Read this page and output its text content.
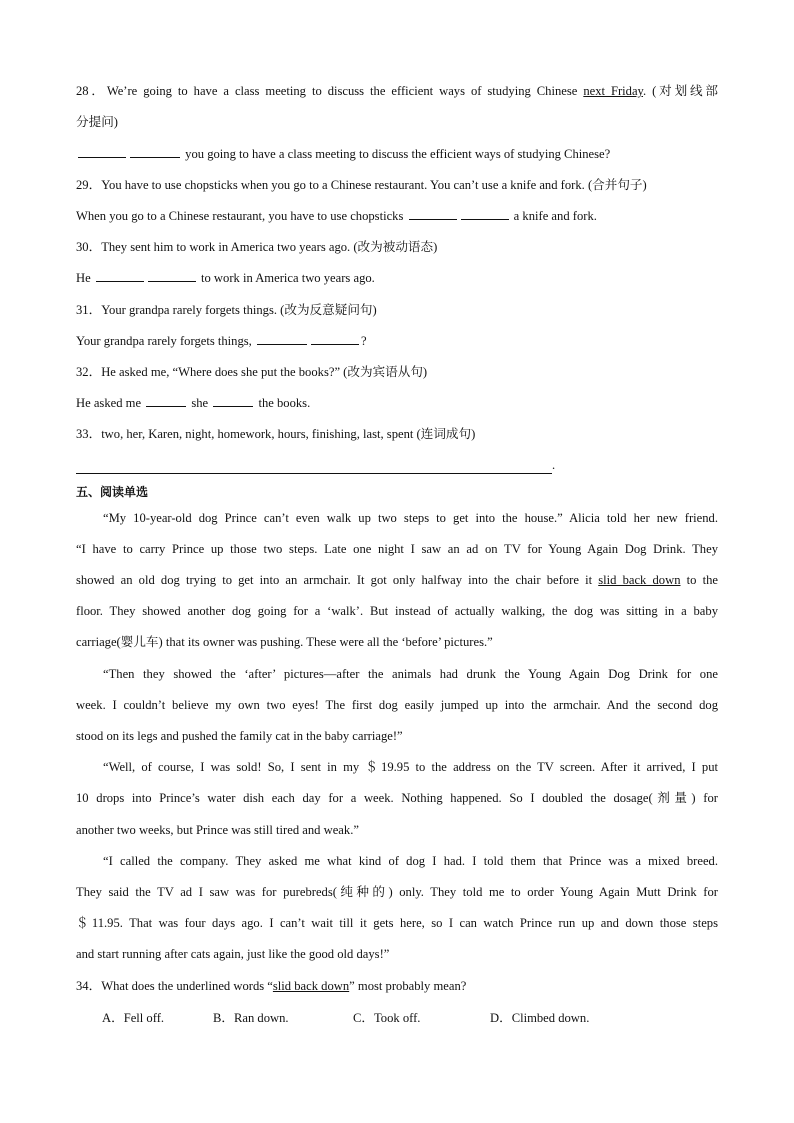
28．We’re going to have a class meeting to discuss the efficient ways of studying Chinese next Friday. (对划线部
分提问)
you going to have a class meeting to discuss the efficient ways of studying Chinese?
29．You have to use chopsticks when you go to a Chinese restaurant. You can’t use a knife and fork. (合并句子)
When you go to a Chinese restaurant, you have to use chopsticks	a knife and fork.
30．They sent him to work in America two years ago. (改为被动语态)
He	to work in America two years ago.
31．Your grandpa rarely forgets things. (改为反意疑问句)
Your grandpa rarely forgets things,	?
32．He asked me, “Where does she put the books?” (改为宾语从句)
He asked me	she	the books.
33．two, her, Karen, night, homework, hours, finishing, last, spent (连词成句)
.
五、阅读单选
“My 10-year-old dog Prince can’t even walk up two steps to get into the house.” Alicia told her new friend.
“I have to carry Prince up those two steps. Late one night I saw an ad on TV for Young Again Dog Drink. They
showed an old dog trying to get into an armchair. It got only halfway into the chair before it slid back down to the
floor. They showed another dog going for a ‘walk’. But instead of actually walking, the dog was sitting in a baby
carriage(婴儿车) that its owner was pushing. These were all the ‘before’ pictures.”
“Then they showed the ‘after’ pictures—after the animals had drunk the Young Again Dog Drink for one
week. I couldn’t believe my own two eyes! The first dog easily jumped up into the armchair. And the second dog
stood on its legs and pushed the family cat in the baby carriage!”
“Well, of course, I was sold! So, I sent in my ＄19.95 to the address on the TV screen. After it arrived, I put
10 drops into Prince’s water dish each day for a week. Nothing happened. So I doubled the dosage(剂量) for
another two weeks, but Prince was still tired and weak.”
“I called the company. They asked me what kind of dog I had. I told them that Prince was a mixed breed.
They said the TV ad I saw was for purebreds(纯种的) only. They told me to order Young Again Mutt Drink for
＄11.95. That was four days ago. I can’t wait till it gets here, so I can watch Prince run up and down those steps
and start running after cats again, just like the good old days!”
34．What does the underlined words “slid back down” most probably mean?
A．Fell off.	B．Ran down.	C．Took off.	D．Climbed down.
